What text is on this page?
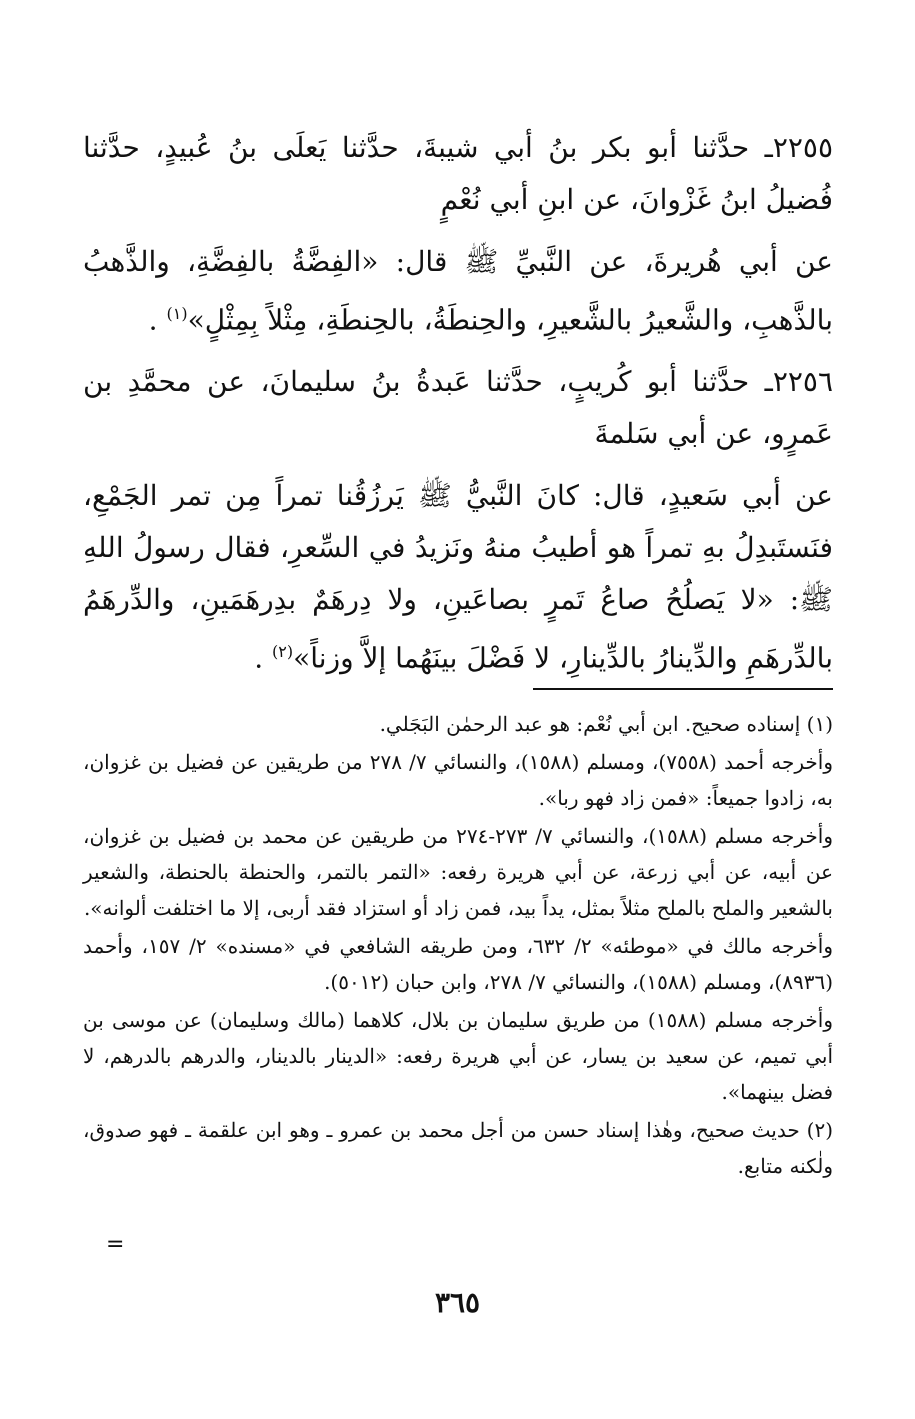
٢٢٥٥ـ حدَّثنا أبو بكر بنُ أبي شيبةَ، حدَّثنا يَعلَى بنُ عُبيدٍ، حدَّثنا فُضيلُ ابنُ غَزْوانَ، عن ابنِ أبي نُعْمٍ

عن أبي هُريرةَ، عن النَّبيِّ ﷺ قال: «الفِضَّةُ بالفِضَّةِ، والذَّهبُ بالذَّهبِ، والشَّعيرُ بالشَّعيرِ، والحِنطَةُ، بالحِنطَةِ، مِثْلاً بِمِثْلٍ»$^{(١)}$ .

٢٢٥٦ـ حدَّثنا أبو كُريبٍ، حدَّثنا عَبدةُ بنُ سليمانَ، عن محمَّدِ بن عَمرٍو، عن أبي سَلمةَ

عن أبي سَعيدٍ، قال: كانَ النَّبيُّ ﷺ يَرزُقُنا تمراً مِن تمر الجَمْعِ، فنَستَبدِلُ بهِ تمراً هو أطيبُ منهُ ونَزيدُ في السِّعرِ، فقال رسولُ اللهِ ﷺ: «لا يَصلُحُ صاعُ تَمرٍ بصاعَينِ، ولا دِرهَمٌ بدِرهَمَينِ، والدِّرهَمُ بالدِّرهَمِ والدِّينارُ بالدِّينارِ، لا فَضْلَ بينَهُما إلاَّ وزناً»$^{(٢)}$ .

(١) إسناده صحيح. ابن أبي نُعْم: هو عبد الرحمٰن البَجَلي.

وأخرجه أحمد (٧٥٥٨)، ومسلم (١٥٨٨)، والنسائي ٧/ ٢٧٨ من طريقين عن فضيل بن غزوان، به، زادوا جميعاً: «فمن زاد فهو ربا».

وأخرجه مسلم (١٥٨٨)، والنسائي ٧/ ٢٧٣-٢٧٤ من طريقين عن محمد بن فضيل بن غزوان، عن أبيه، عن أبي زرعة، عن أبي هريرة رفعه: «التمر بالتمر، والحنطة بالحنطة، والشعير بالشعير والملح بالملح مثلاً بمثل، يداً بيد، فمن زاد أو استزاد فقد أربى، إلا ما اختلفت ألوانه».

وأخرجه مالك في «موطئه» ٢/ ٦٣٢، ومن طريقه الشافعي في «مسنده» ٢/ ١٥٧، وأحمد (٨٩٣٦)، ومسلم (١٥٨٨)، والنسائي ٧/ ٢٧٨، وابن حبان (٥٠١٢).

وأخرجه مسلم (١٥٨٨) من طريق سليمان بن بلال، كلاهما (مالك وسليمان) عن موسى بن أبي تميم، عن سعيد بن يسار، عن أبي هريرة رفعه: «الدينار بالدينار، والدرهم بالدرهم، لا فضل بينهما».

(٢) حديث صحيح، وهٰذا إسناد حسن من أجل محمد بن عمرو ـ وهو ابن علقمة ـ فهو صدوق، ولٰكنه متابع.

=
٣٦٥
